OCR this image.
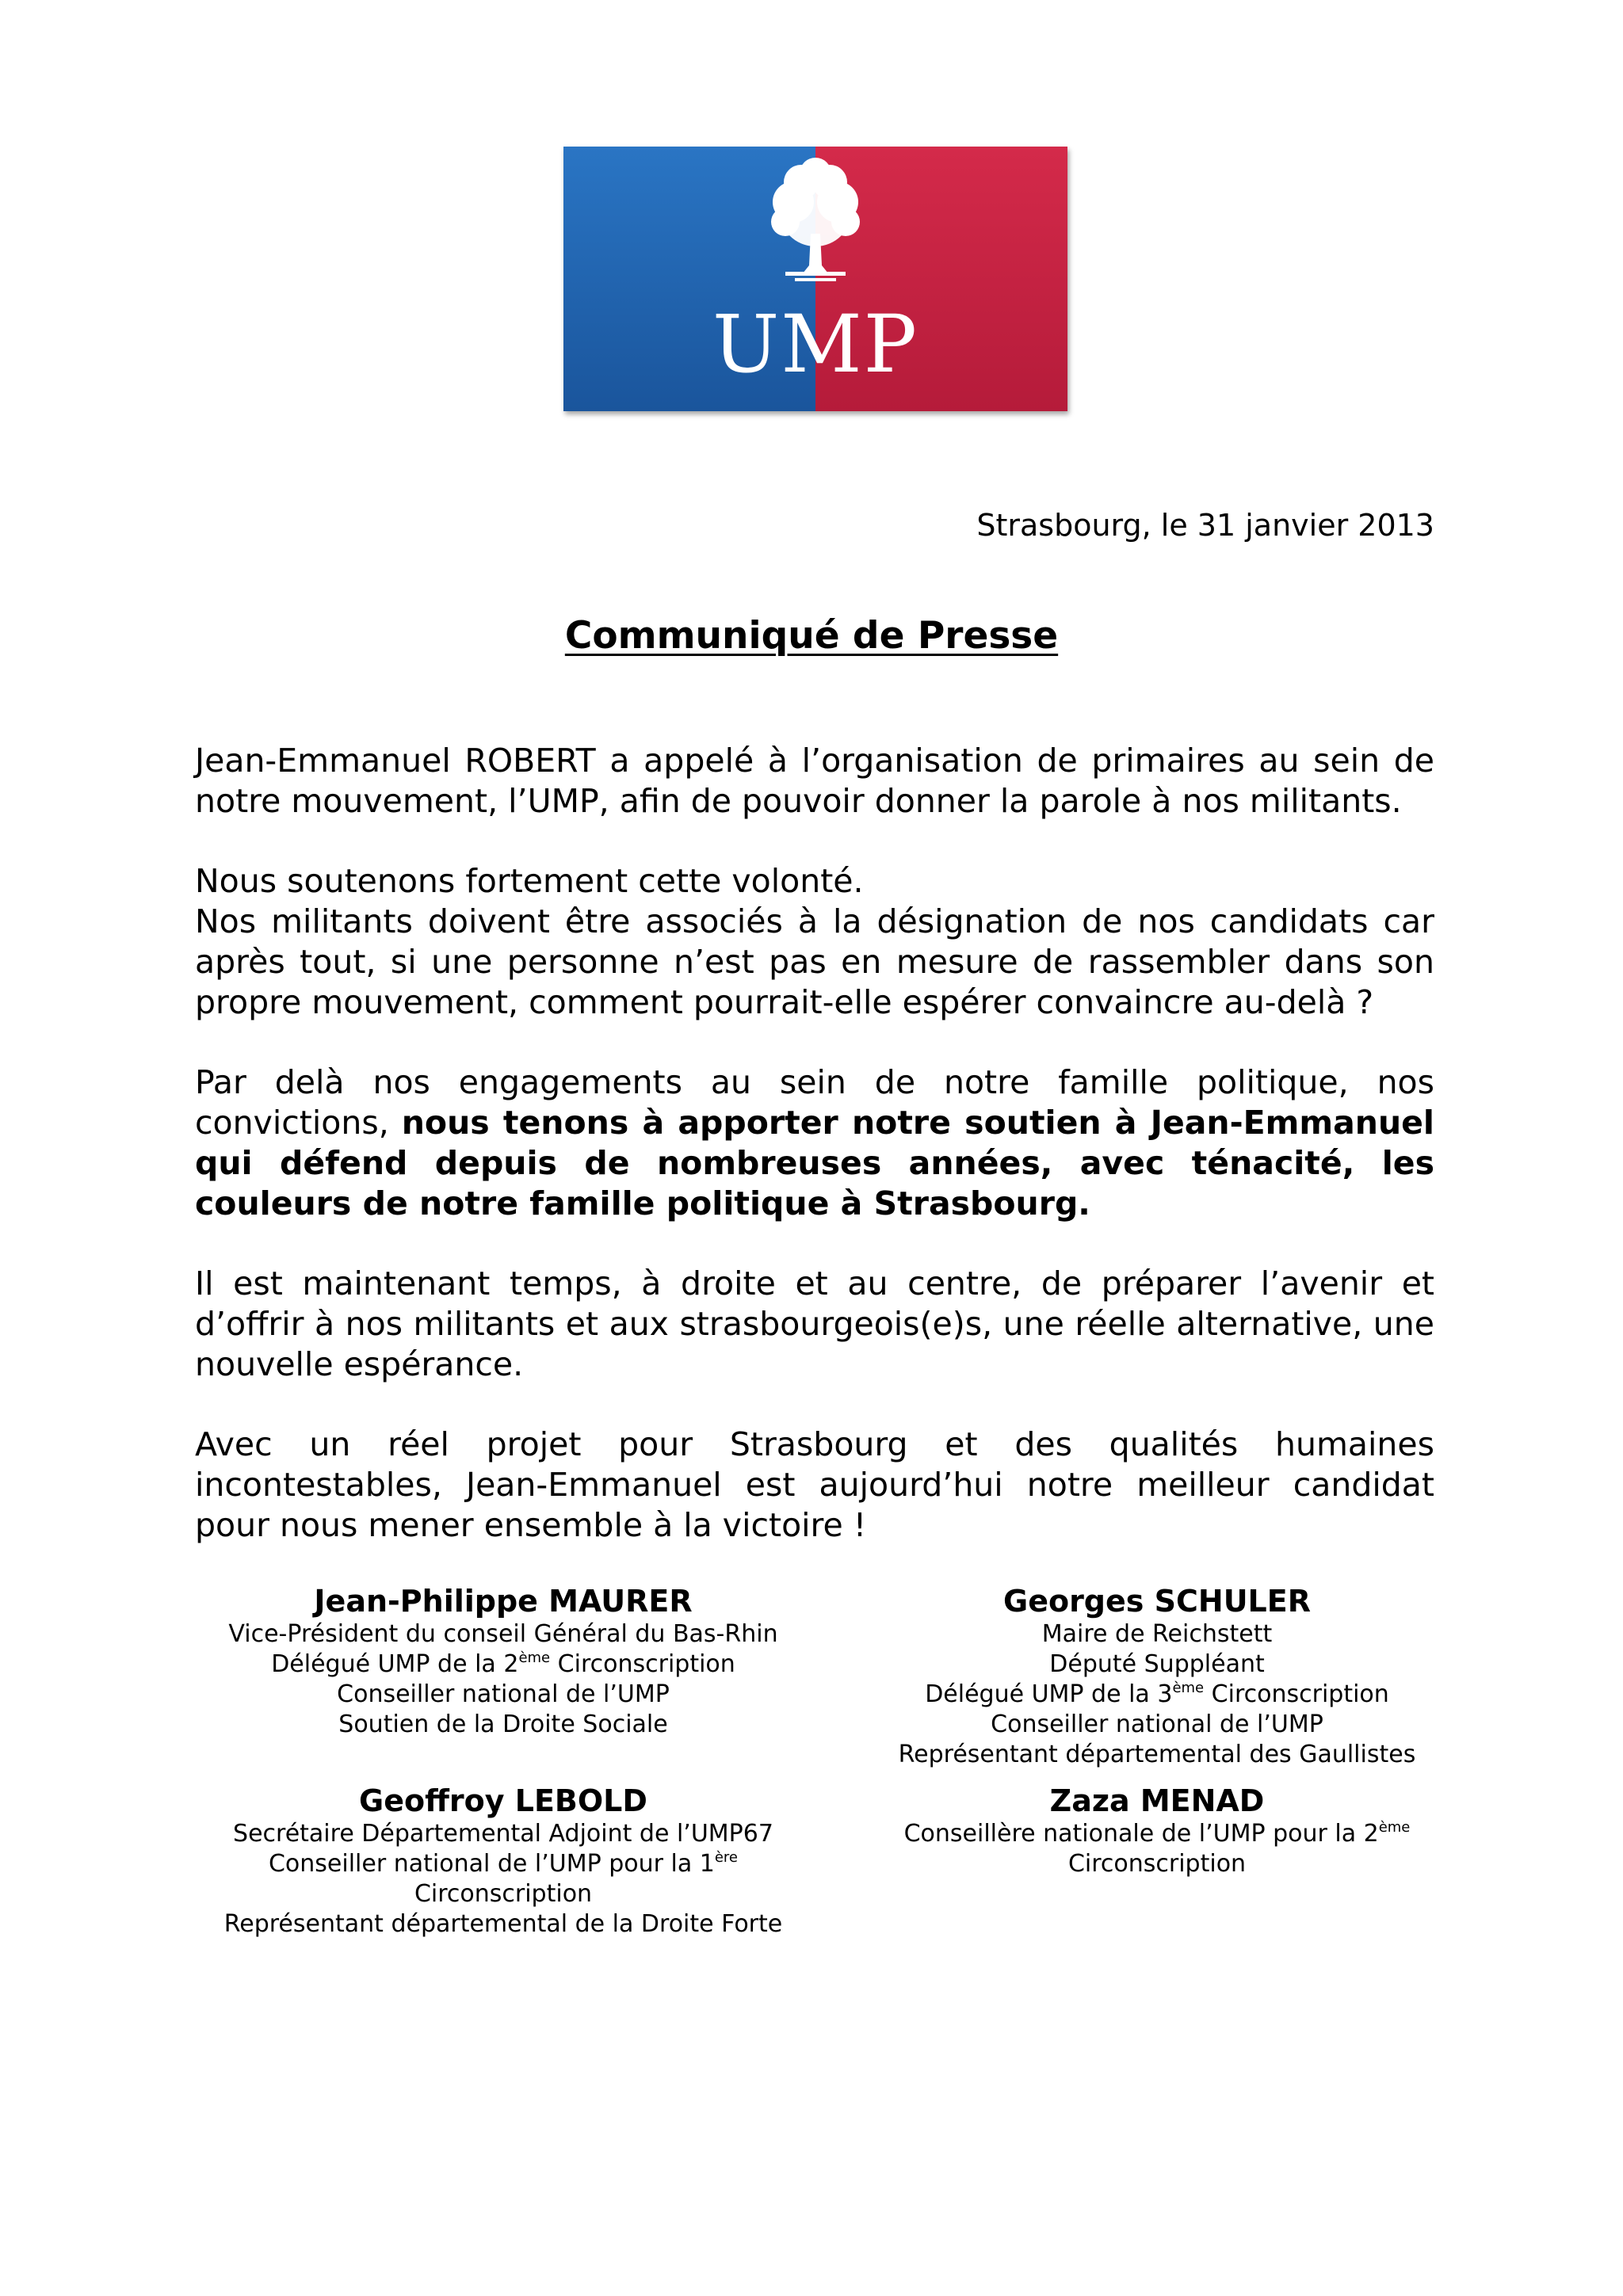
UMP
Strasbourg, le 31 janvier 2013
Communiqué de Presse

Jean-Emmanuel ROBERT a appelé à l’organisation de primaires au sein de notre mouvement, l’UMP, afin de pouvoir donner la parole à nos militants.

Nous soutenons fortement cette volonté.

Nos militants doivent être associés à la désignation de nos candidats car après tout, si une personne n’est pas en mesure de rassembler dans son propre mouvement, comment pourrait-elle espérer convaincre au-delà ?

Par delà nos engagements au sein de notre famille politique, nos convictions, nous tenons à apporter notre soutien à Jean-Emmanuel qui défend depuis de nombreuses années, avec ténacité, les couleurs de notre famille politique à Strasbourg.

Il est maintenant temps, à droite et au centre, de préparer l’avenir et d’offrir à nos militants et aux strasbourgeois(e)s, une réelle alternative, une nouvelle espérance.

Avec un réel projet pour Strasbourg et des qualités humaines incontestables, Jean-Emmanuel est aujourd’hui notre meilleur candidat pour nous mener ensemble à la victoire !

Jean-Philippe MAURER
Vice-Président du conseil Général du Bas-Rhin
Délégué UMP de la 2ème Circonscription
Conseiller national de l’UMP
Soutien de la Droite Sociale
Georges SCHULER
Maire de Reichstett
Député Suppléant
Délégué UMP de la 3ème Circonscription
Conseiller national de l’UMP
Représentant départemental des Gaullistes
Geoffroy LEBOLD
Secrétaire Départemental Adjoint de l’UMP67
Conseiller national de l’UMP pour la 1ère
Circonscription
Représentant départemental de la Droite Forte
Zaza MENAD
Conseillère nationale de l’UMP pour la 2ème
Circonscription
